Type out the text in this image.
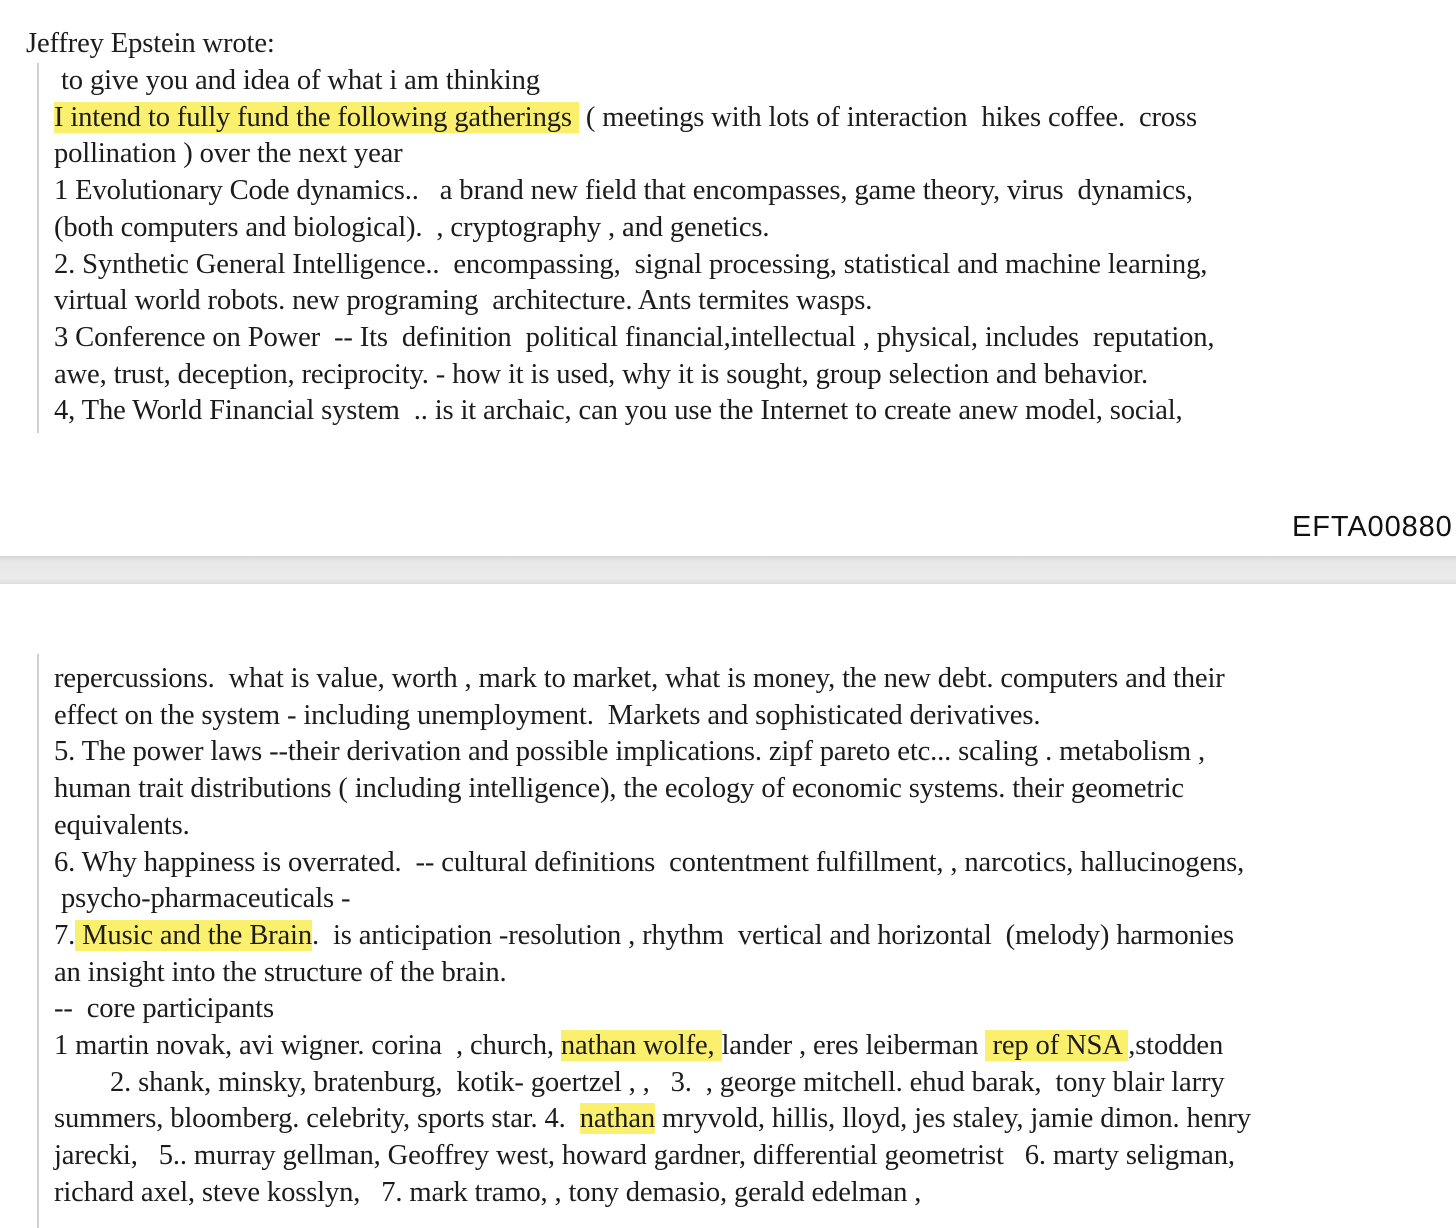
Jeffrey Epstein wrote:
to give you and idea of what i am thinking
I intend to fully fund the following gatherings  ( meetings with lots of interaction  hikes coffee.  cross
pollination ) over the next year
1 Evolutionary Code dynamics..   a brand new field that encompasses, game theory, virus  dynamics,
(both computers and biological).  , cryptography , and genetics.
2. Synthetic General Intelligence..  encompassing,  signal processing, statistical and machine learning,
virtual world robots. new programing  architecture. Ants termites wasps.
3 Conference on Power  -- Its  definition  political financial,intellectual , physical, includes  reputation,
awe, trust, deception, reciprocity. - how it is used, why it is sought, group selection and behavior.
4, The World Financial system  .. is it archaic, can you use the Internet to create anew model, social,
EFTA00880
repercussions.  what is value, worth , mark to market, what is money, the new debt. computers and their
effect on the system - including unemployment.  Markets and sophisticated derivatives.
5. The power laws --their derivation and possible implications. zipf pareto etc... scaling . metabolism ,
human trait distributions ( including intelligence), the ecology of economic systems. their geometric
equivalents.
6. Why happiness is overrated.  -- cultural definitions  contentment fulfillment, , narcotics, hallucinogens,
psycho-pharmaceuticals -
7. Music and the Brain.  is anticipation -resolution , rhythm  vertical and horizontal  (melody) harmonies
an insight into the structure of the brain.
--  core participants
1 martin novak, avi wigner. corina  , church, nathan wolfe, lander , eres leiberman  rep of NSA ,stodden
2. shank, minsky, bratenburg,  kotik- goertzel , ,   3.  , george mitchell. ehud barak,  tony blair larry
summers, bloomberg. celebrity, sports star. 4.  nathan mryvold, hillis, lloyd, jes staley, jamie dimon. henry
jarecki,   5.. murray gellman, Geoffrey west, howard gardner, differential geometrist   6. marty seligman,
richard axel, steve kosslyn,   7. mark tramo, , tony demasio, gerald edelman ,
